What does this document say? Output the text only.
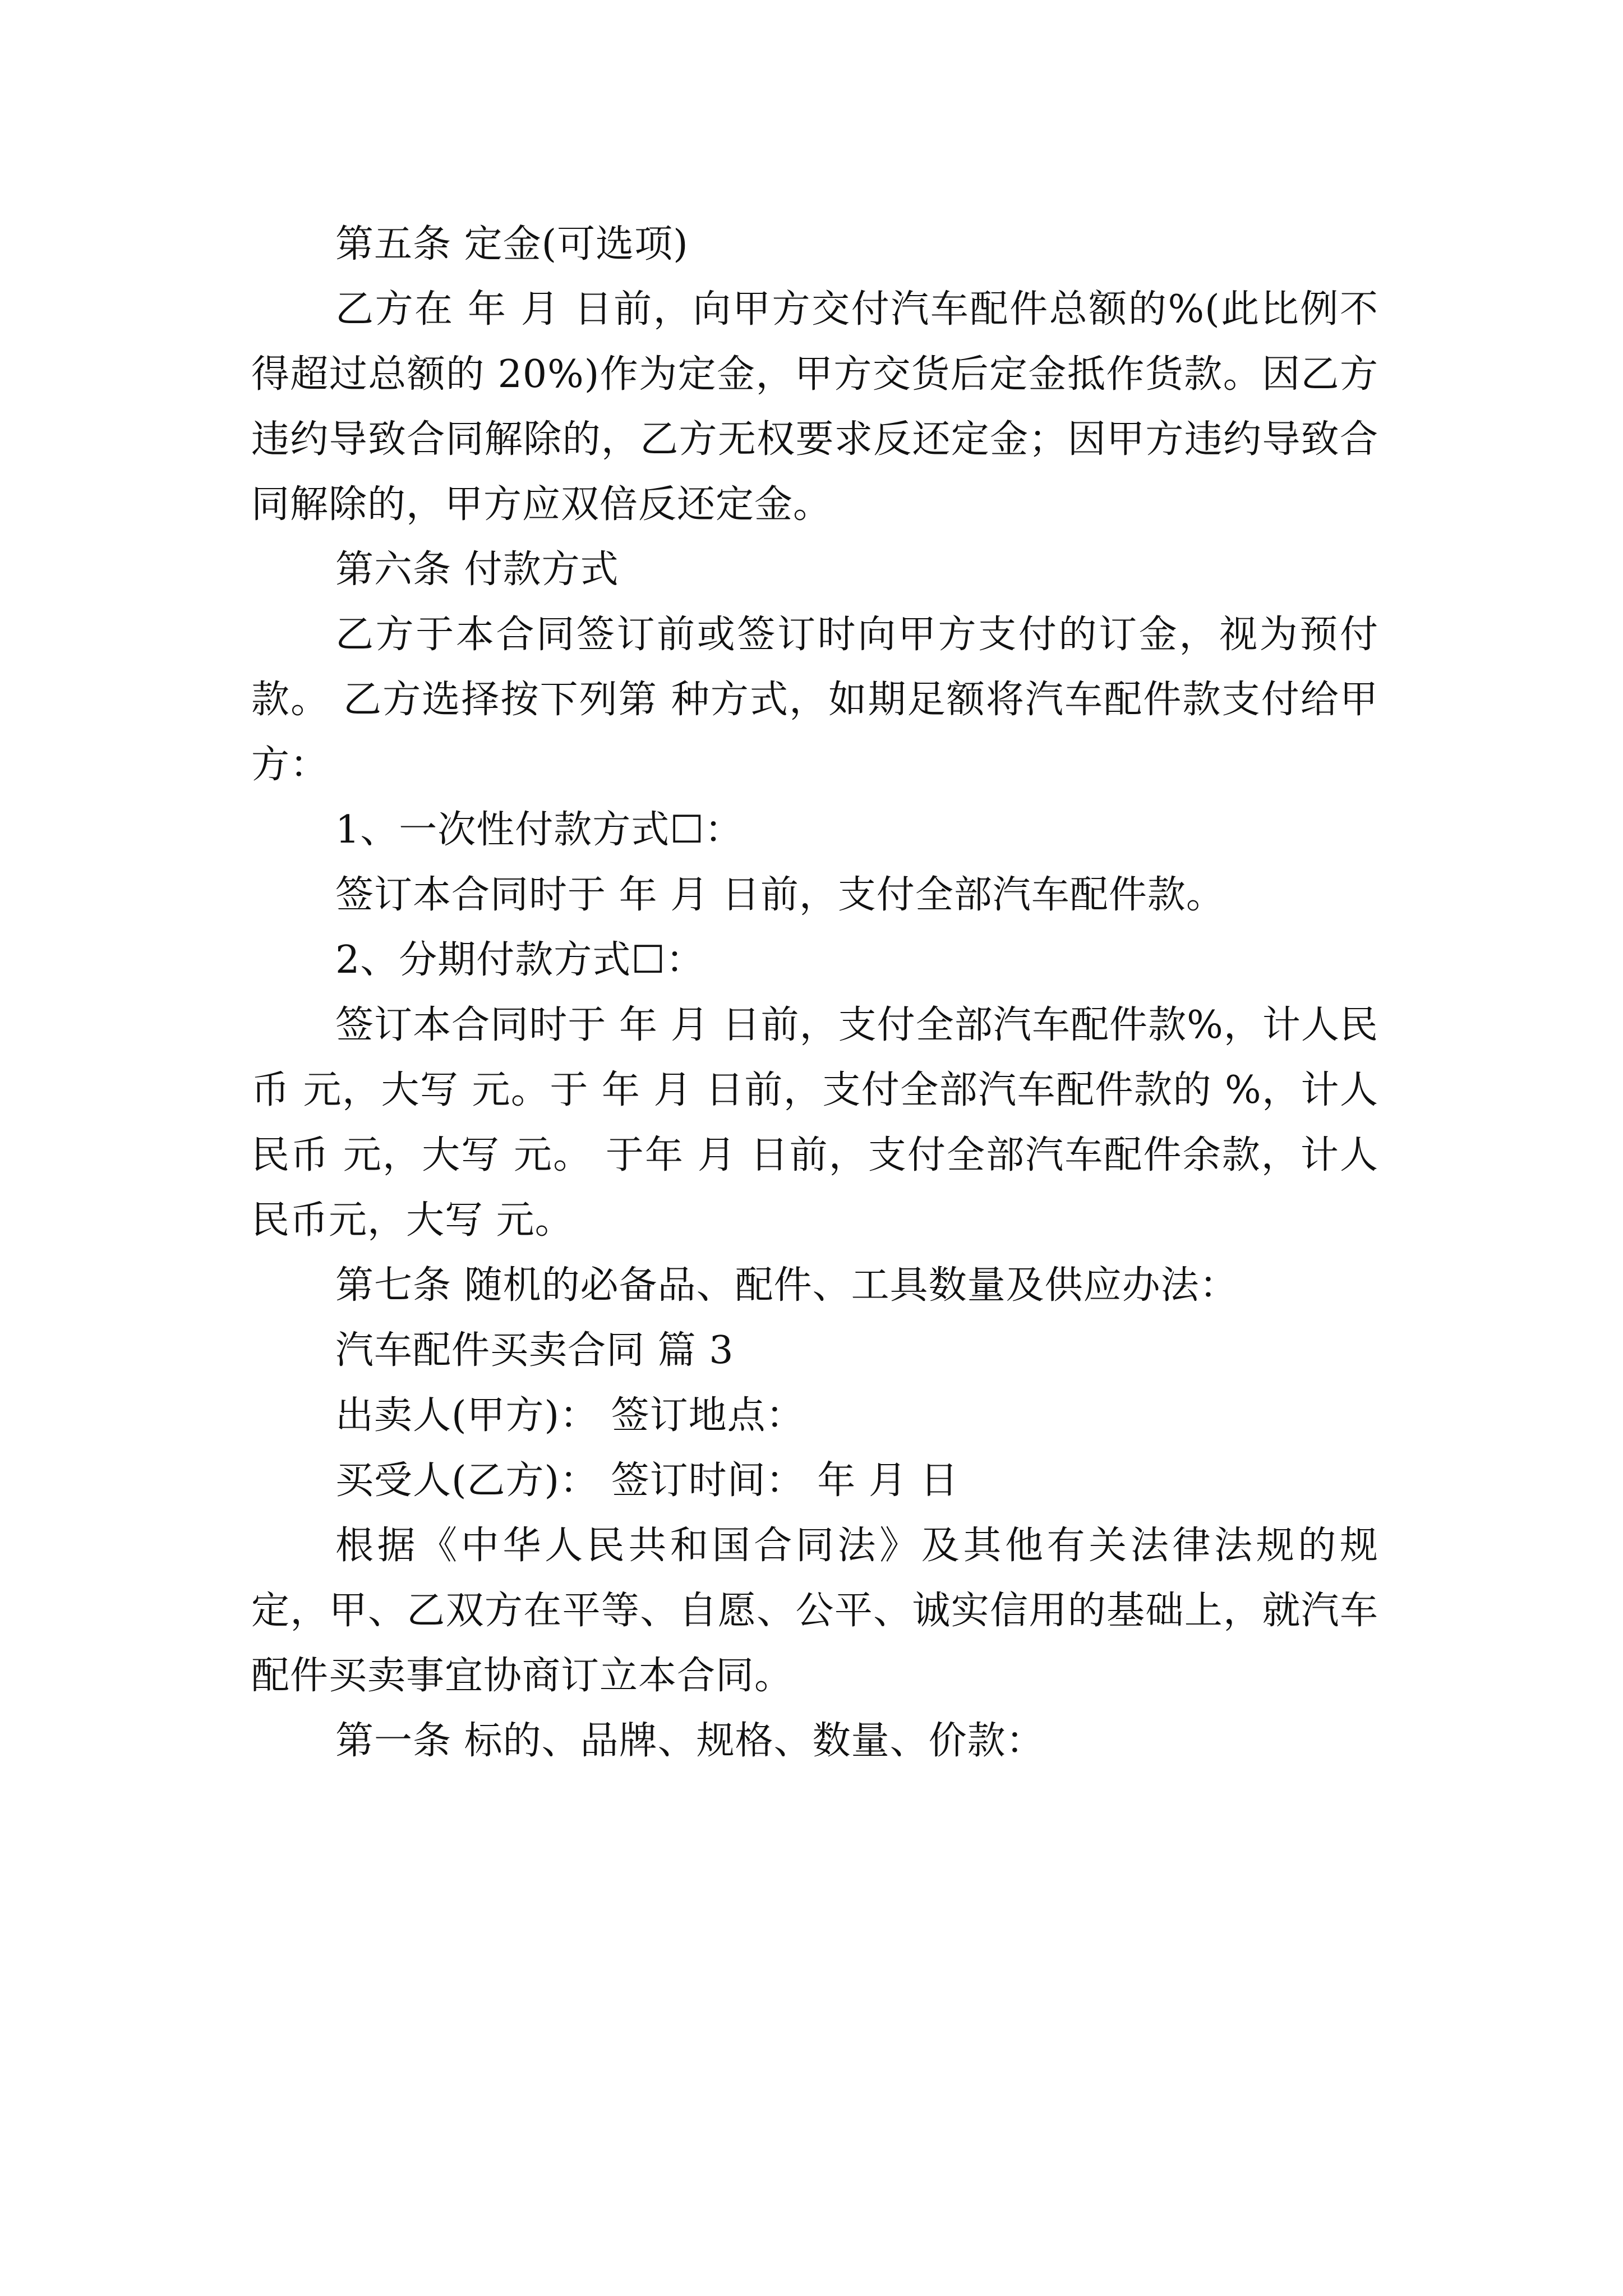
第五条 定金(可选项)

乙方在 年 月 日前，向甲方交付汽车配件总额的%(此比例不得超过总额的 20%)作为定金，甲方交货后定金抵作货款。因乙方违约导致合同解除的，乙方无权要求反还定金；因甲方违约导致合同解除的，甲方应双倍反还定金。

第六条 付款方式

乙方于本合同签订前或签订时向甲方支付的订金，视为预付款。 乙方选择按下列第 种方式，如期足额将汽车配件款支付给甲方：

1、一次性付款方式☐：

签订本合同时于 年 月 日前，支付全部汽车配件款。

2、分期付款方式☐：

签订本合同时于 年 月 日前，支付全部汽车配件款%，计人民币 元，大写 元。于 年 月 日前，支付全部汽车配件款的 %，计人民币 元，大写 元。 于年 月 日前，支付全部汽车配件余款，计人民币元，大写 元。

第七条 随机的必备品、配件、工具数量及供应办法：

汽车配件买卖合同 篇 3

出卖人(甲方)： 签订地点：

买受人(乙方)： 签订时间： 年 月 日

根据《中华人民共和国合同法》及其他有关法律法规的规定，甲、乙双方在平等、自愿、公平、诚实信用的基础上，就汽车配件买卖事宜协商订立本合同。

第一条 标的、品牌、规格、数量、价款：
